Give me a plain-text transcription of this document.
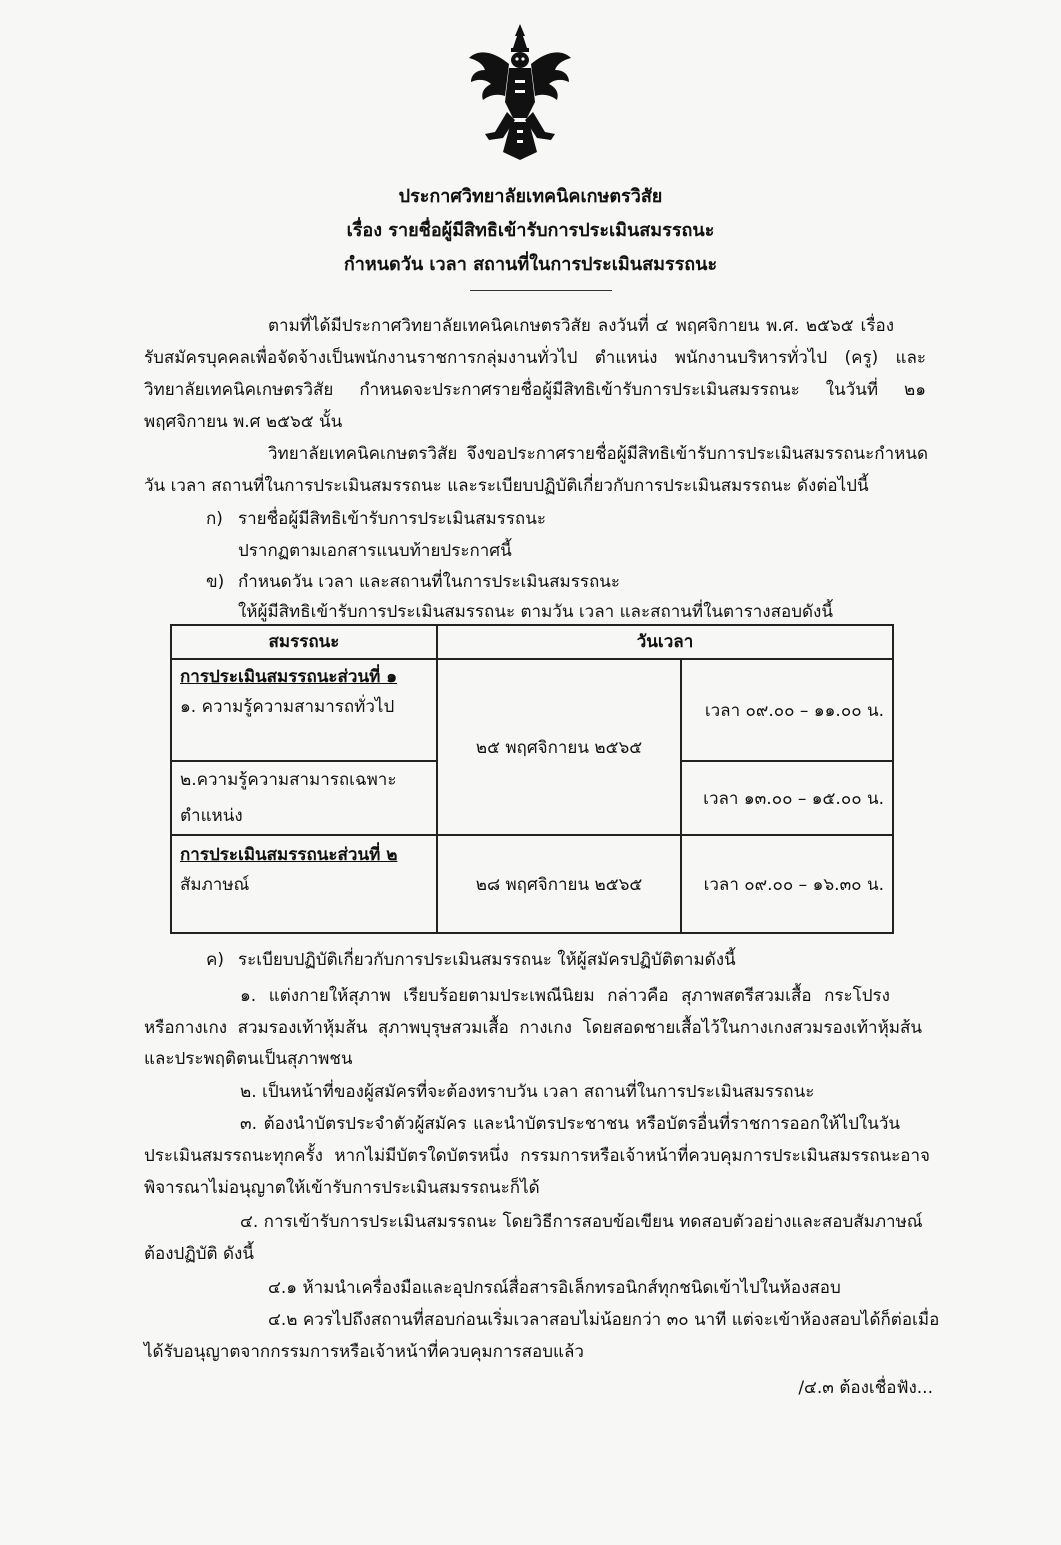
ประกาศวิทยาลัยเทคนิคเกษตรวิสัย
เรื่อง รายชื่อผู้มีสิทธิเข้ารับการประเมินสมรรถนะ
กำหนดวัน เวลา สถานที่ในการประเมินสมรรถนะ
ตามที่ได้มีประกาศวิทยาลัยเทคนิคเกษตรวิสัย ลงวันที่ ๔ พฤศจิกายน พ.ศ. ๒๕๖๕ เรื่อง
รับสมัครบุคคลเพื่อจัดจ้างเป็นพนักงานราชการกลุ่มงานทั่วไป ตำแหน่ง พนักงานบริหารทั่วไป (ครู) และ
วิทยาลัยเทคนิคเกษตรวิสัย กำหนดจะประกาศรายชื่อผู้มีสิทธิเข้ารับการประเมินสมรรถนะ ในวันที่ ๒๑
พฤศจิกายน พ.ศ ๒๕๖๕ นั้น
วิทยาลัยเทคนิคเกษตรวิสัย จึงขอประกาศรายชื่อผู้มีสิทธิเข้ารับการประเมินสมรรถนะกำหนด
วัน เวลา สถานที่ในการประเมินสมรรถนะ และระเบียบปฏิบัติเกี่ยวกับการประเมินสมรรถนะ ดังต่อไปนี้
ก) รายชื่อผู้มีสิทธิเข้ารับการประเมินสมรรถนะ
ปรากฏตามเอกสารแนบท้ายประกาศนี้
ข) กำหนดวัน เวลา และสถานที่ในการประเมินสมรรถนะ
ให้ผู้มีสิทธิเข้ารับการประเมินสมรรถนะ ตามวัน เวลา และสถานที่ในตารางสอบดังนี้
สมรรถนะ	วันเวลา	

การประเมินสมรรถนะส่วนที่ ๑
๑. ความรู้ความสามารถทั่วไป	๒๕ พฤศจิกายน ๒๕๖๕	เวลา ๐๙.๐๐ – ๑๑.๐๐ น.
๒.ความรู้ความสามารถเฉพาะตำแหน่ง		เวลา ๑๓.๐๐ – ๑๕.๐๐ น.

การประเมินสมรรถนะส่วนที่ ๒
สัมภาษณ์	๒๘ พฤศจิกายน ๒๕๖๕	เวลา ๐๙.๐๐ – ๑๖.๓๐ น.
ค) ระเบียบปฏิบัติเกี่ยวกับการประเมินสมรรถนะ ให้ผู้สมัครปฏิบัติตามดังนี้
๑. แต่งกายให้สุภาพ เรียบร้อยตามประเพณีนิยม กล่าวคือ สุภาพสตรีสวมเสื้อ กระโปรง
หรือกางเกง สวมรองเท้าหุ้มส้น สุภาพบุรุษสวมเสื้อ กางเกง โดยสอดชายเสื้อไว้ในกางเกงสวมรองเท้าหุ้มส้น
และประพฤติตนเป็นสุภาพชน
๒. เป็นหน้าที่ของผู้สมัครที่จะต้องทราบวัน เวลา สถานที่ในการประเมินสมรรถนะ
๓. ต้องนำบัตรประจำตัวผู้สมัคร และนำบัตรประชาชน หรือบัตรอื่นที่ราชการออกให้ไปในวัน
ประเมินสมรรถนะทุกครั้ง หากไม่มีบัตรใดบัตรหนึ่ง กรรมการหรือเจ้าหน้าที่ควบคุมการประเมินสมรรถนะอาจ
พิจารณาไม่อนุญาตให้เข้ารับการประเมินสมรรถนะก็ได้
๔. การเข้ารับการประเมินสมรรถนะ โดยวิธีการสอบข้อเขียน ทดสอบตัวอย่างและสอบสัมภาษณ์
ต้องปฏิบัติ ดังนี้
๔.๑ ห้ามนำเครื่องมือและอุปกรณ์สื่อสารอิเล็กทรอนิกส์ทุกชนิดเข้าไปในห้องสอบ
๔.๒ ควรไปถึงสถานที่สอบก่อนเริ่มเวลาสอบไม่น้อยกว่า ๓๐ นาที แต่จะเข้าห้องสอบได้ก็ต่อเมื่อ
ได้รับอนุญาตจากกรรมการหรือเจ้าหน้าที่ควบคุมการสอบแล้ว
/๔.๓ ต้องเชื่อฟัง...
